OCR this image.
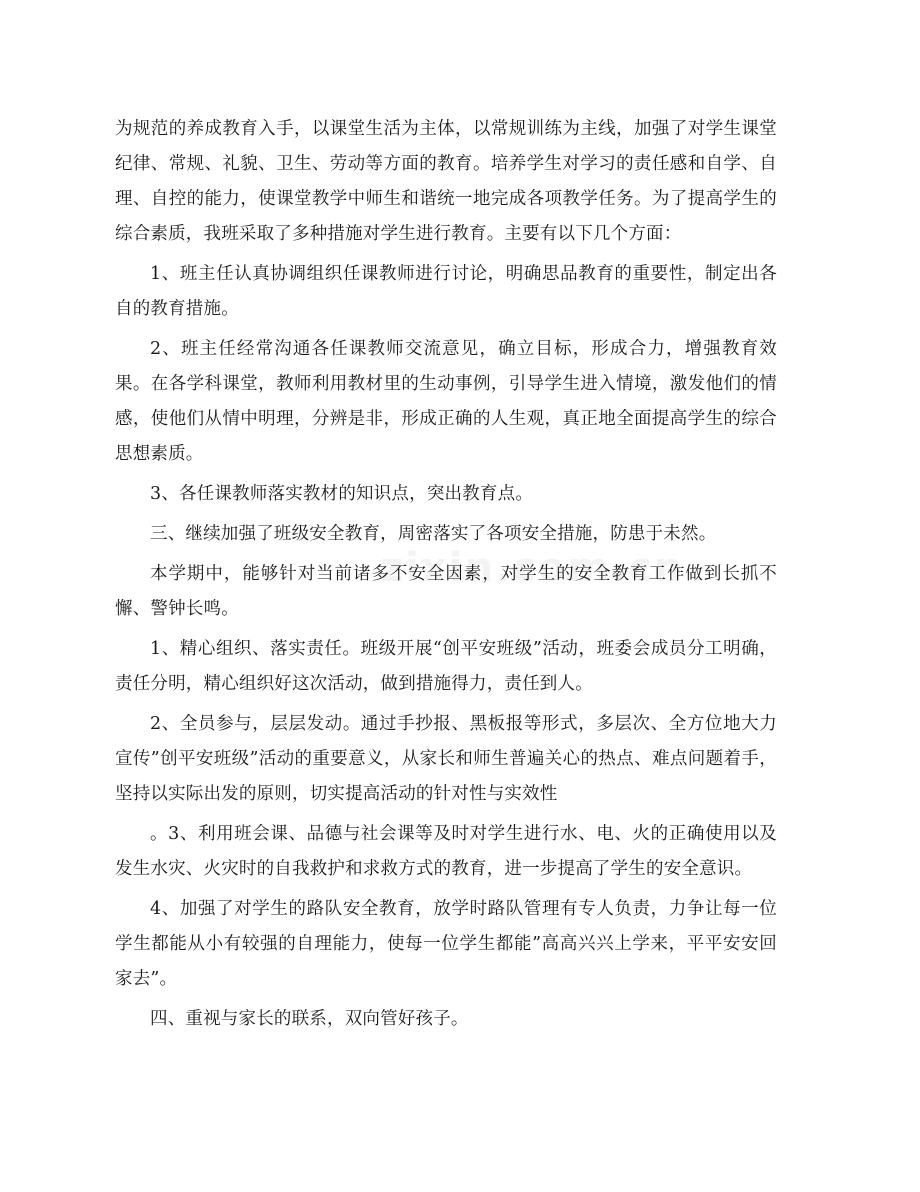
为规范的养成教育入手，以课堂生活为主体，以常规训练为主线，加强了对学生课堂纪律、常规、礼貌、卫生、劳动等方面的教育。培养学生对学习的责任感和自学、自理、自控的能力，使课堂教学中师生和谐统一地完成各项教学任务。为了提高学生的综合素质，我班采取了多种措施对学生进行教育。主要有以下几个方面：

1、班主任认真协调组织任课教师进行讨论，明确思品教育的重要性，制定出各自的教育措施。

2、班主任经常沟通各任课教师交流意见，确立目标，形成合力，增强教育效果。在各学科课堂，教师利用教材里的生动事例，引导学生进入情境，激发他们的情感，使他们从情中明理，分辨是非，形成正确的人生观，真正地全面提高学生的综合思想素质。

3、各任课教师落实教材的知识点，突出教育点。

三、继续加强了班级安全教育，周密落实了各项安全措施，防患于未然。

本学期中，能够针对当前诸多不安全因素，对学生的安全教育工作做到长抓不懈、警钟长鸣。

1、精心组织、落实责任。班级开展“创平安班级”活动，班委会成员分工明确，责任分明，精心组织好这次活动，做到措施得力，责任到人。

2、全员参与，层层发动。通过手抄报、黑板报等形式，多层次、全方位地大力宣传”创平安班级”活动的重要意义，从家长和师生普遍关心的热点、难点问题着手，坚持以实际出发的原则，切实提高活动的针对性与实效性

。3、利用班会课、品德与社会课等及时对学生进行水、电、火的正确使用以及发生水灾、火灾时的自我救护和求救方式的教育，进一步提高了学生的安全意识。

4、加强了对学生的路队安全教育，放学时路队管理有专人负责，力争让每一位学生都能从小有较强的自理能力，使每一位学生都能”高高兴兴上学来，平平安安回家去”。

四、重视与家长的联系，双向管好孩子。
